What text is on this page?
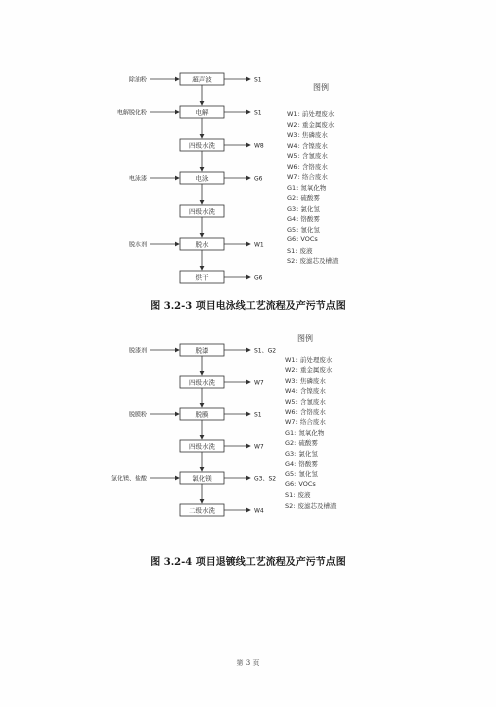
超声波
除油粉	S1
电解
电解脱化粉	S1
四级水洗	W8
电泳
电泳漆	G6
四级水洗
脱水
脱水剂	W1
烘干	G6
图例
W1: 前处理废水
W2: 重金属废水
W3: 焦磷废水
W4: 含镍废水
W5: 含氰废水
W6: 含铬废水
W7: 络合废水
G1: 氮氧化物
G2: 硫酸雾
G3: 氯化氢
G4: 铬酸雾
G5: 氰化氢
G6: VOCs
S1: 废液
S2: 废滤芯及槽渣
图 3.2-3 项目电泳线工艺流程及产污节点图
脱漆
脱漆剂	S1、G2
四级水洗	W7
脱膜
脱膜粉	S1
四级水洗	W7
氯化镁
氯化镁、盐酸	G3、S2
二级水洗	W4
图例
W1: 前处理废水
W2: 重金属废水
W3: 焦磷废水
W4: 含镍废水
W5: 含氰废水
W6: 含铬废水
W7: 络合废水
G1: 氮氧化物
G2: 硫酸雾
G3: 氯化氢
G4: 铬酸雾
G5: 氰化氢
G6: VOCs
S1: 废液
S2: 废滤芯及槽渣
图 3.2-4 项目退镀线工艺流程及产污节点图
第 3 页
